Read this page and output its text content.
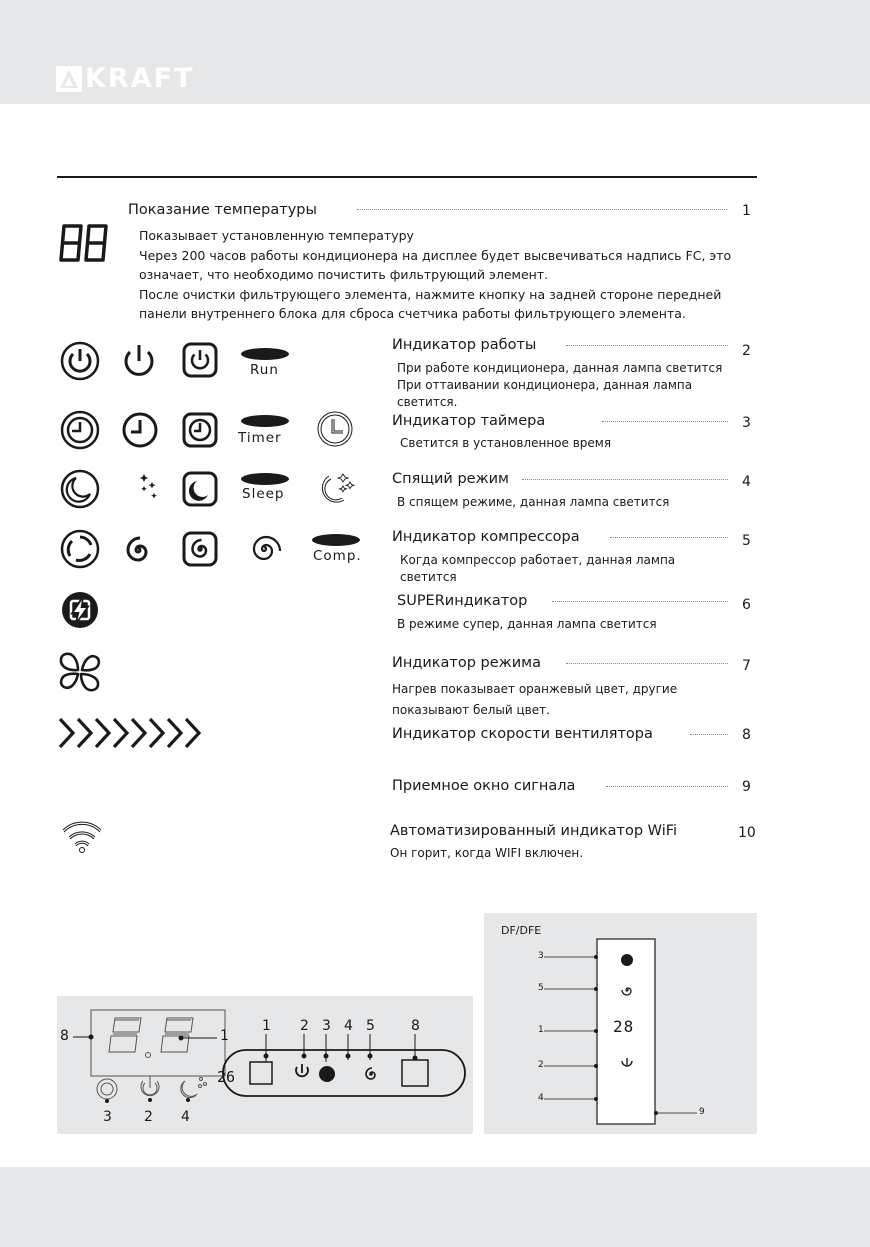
KRAFT
Показание температуры	1
Показывает установленную температуру
Через 200 часов работы кондиционера на дисплее будет высвечиваться надпись FC, это
означает, что необходимо почистить фильтрующий элемент.
После очистки фильтрующего элемента, нажмите кнопку на задней стороне передней
панели внутреннего блока для сброса счетчика работы фильтрующего элемента.
Run
Индикатор работы	2
При работе кондиционера, данная лампа светится
При оттаивании кондиционера, данная лампа
светится.
Timer
Индикатор таймера	3
Светится в установленное время
Sleep
Спящий режим	4
В спящем режиме, данная лампа светится
Comp.
Индикатор компрессора	5
Когда компрессор работает, данная лампа
светится
SUPERиндикатор	6
В режиме супер, данная лампа светится
Индикатор режима	7
Нагрев показывает оранжевый цвет, другие
показывают белый цвет.
Индикатор скорости вентилятора	8
Приемное окно сигнала	9
Автоматизированный индикатор WiFi	10
Он горит, когда WIFI включен.
26
8	1
3 2 4
1 2 3 4 5	8
DF/DFE
28
3
5
1
2
4
9
